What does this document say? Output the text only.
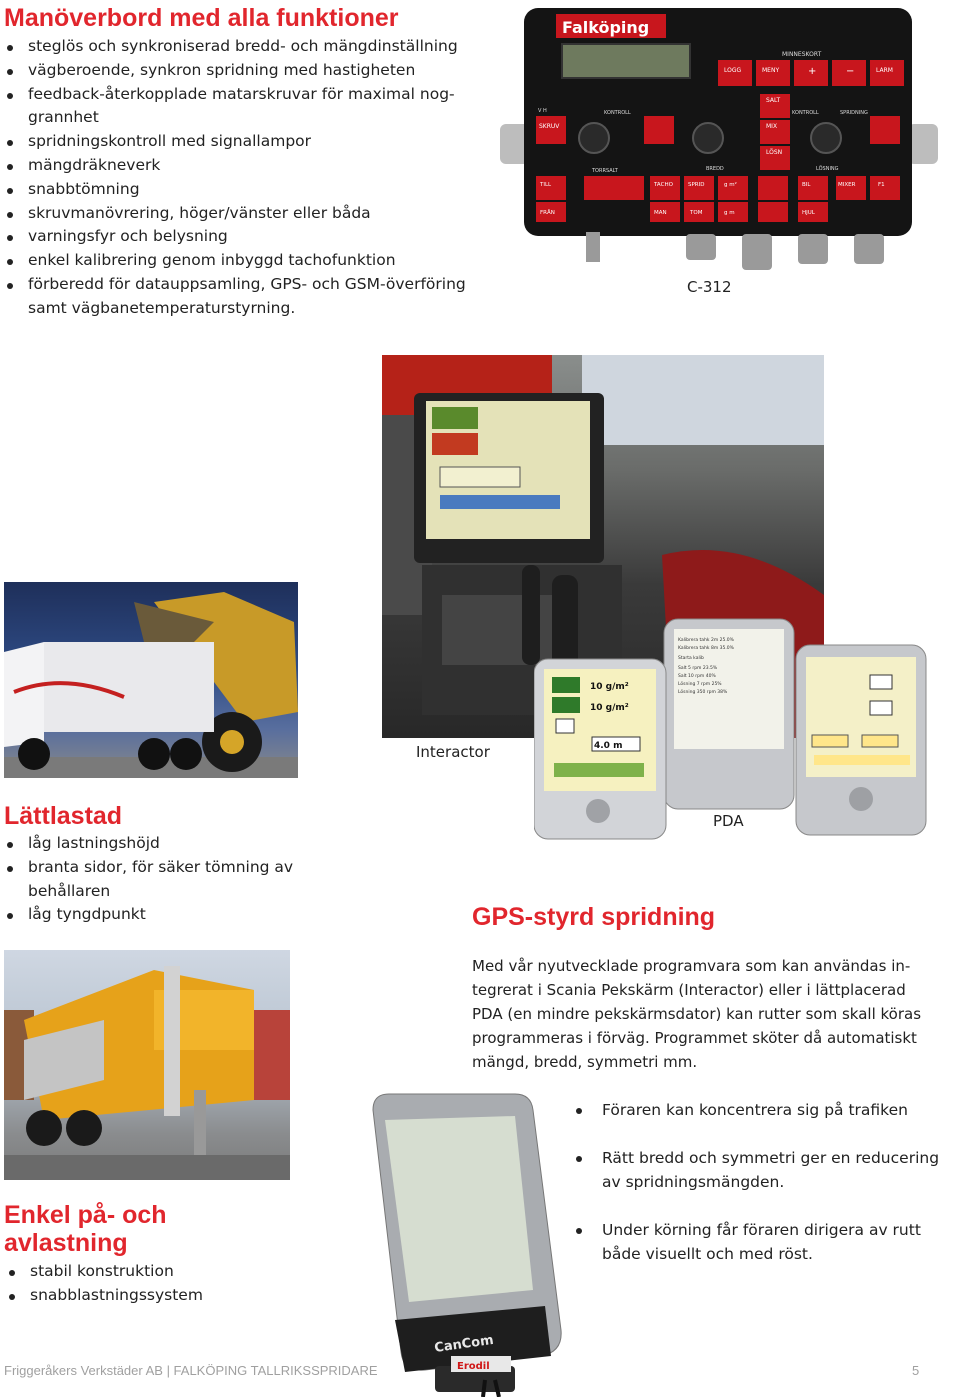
Manöverbord med alla funktioner
steglös och synkroniserad bredd- och mängdinställning
vägberoende, synkron spridning med hastigheten
feedback-återkopplade matarskruvar för maximal nog-
grannhet
spridningskontroll med signallampor
mängdräkneverk
snabbtömning
skruvmanövrering, höger/vänster eller båda
varningsfyr och belysning
enkel kalibrering genom inbyggd tachofunktion
förberedd för datauppsamling, GPS- och GSM-överföring
samt vägbanetemperaturstyrning.
Falköping
MINNESKORT
LOGG	MENY	+	−	LARM
V H
SKRUV
KONTROLL
SALT
MIX
LÖSN
KONTROLL	SPRIDNING
TORRSALT	BREDD	LÖSNING
TILL	TACHO	SPRID	g m²	BIL	MIXER	F1
FRÅN	MAN	TOM	g m	HJUL
C-312
Interactor
Lättlastad
låg lastningshöjd
branta sidor, för säker tömning av
behållaren
låg tyngdpunkt
Kalibrera tahk 2m 25.0%
Kalibrera tahk 8m 35.0%
Starta kalib
Salt 5 rpm 23.5%
Salt 10 rpm 40%
Lösning 7 rpm 25%
Lösning 350 rpm 38%
10 g/m²
10 g/m²
4.0 m
PDA
GPS-styrd spridning
Med vår nyutvecklade programvara som kan användas in-
tegrerat i Scania Pekskärm (Interactor) eller i lättplacerad
PDA (en mindre pekskärmsdator) kan rutter som skall köras
programmeras i förväg. Programmet sköter då automatiskt
mängd, bredd, symmetri mm.
Föraren kan koncentrera sig på trafiken
Rätt bredd och symmetri ger en reducering
av spridningsmängden.
Under körning får föraren dirigera av rutt
både visuellt och med röst.
Enkel på- och
avlastning
stabil konstruktion
snabblastningssystem
CanCom
Erodil
Friggeråkers Verkstäder AB | FALKÖPING TALLRIKSSPRIDARE	5
